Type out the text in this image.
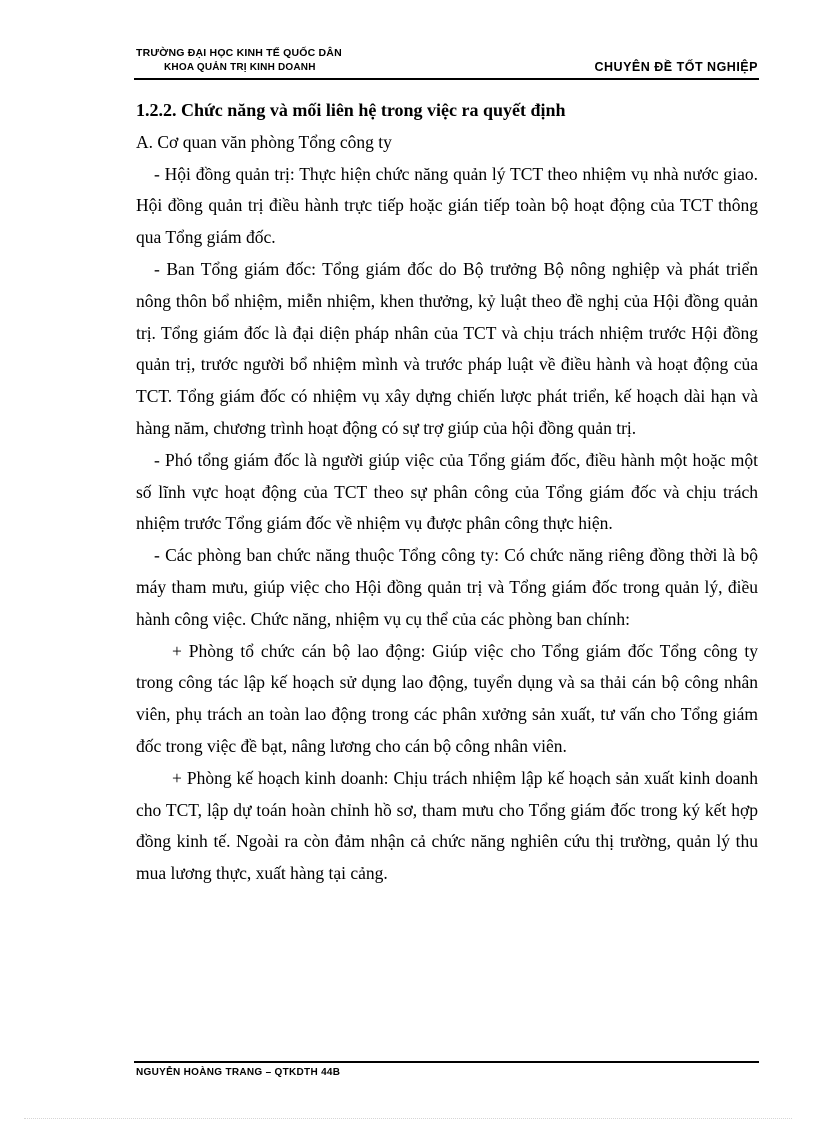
TRƯỜNG ĐẠI HỌC KINH TẾ QUỐC DÂN
KHOA QUẢN TRỊ KINH DOANH	CHUYÊN ĐỀ TỐT NGHIỆP

1.2.2. Chức năng và mối liên hệ trong việc ra quyết định

A. Cơ quan văn phòng Tổng công ty

- Hội đồng quản trị: Thực hiện chức năng quản lý TCT theo nhiệm vụ nhà nước giao. Hội đồng quản trị điều hành trực tiếp hoặc gián tiếp toàn bộ hoạt động của TCT thông qua Tổng giám đốc.

- Ban Tổng giám đốc: Tổng giám đốc do Bộ trưởng Bộ nông nghiệp và phát triển nông thôn bổ nhiệm, miễn nhiệm, khen thưởng, kỷ luật theo đề nghị của Hội đồng quản trị. Tổng giám đốc là đại diện pháp nhân của TCT và chịu trách nhiệm trước Hội đồng quản trị, trước người bổ nhiệm mình và trước pháp luật về điều hành và hoạt động của TCT. Tổng giám đốc có nhiệm vụ xây dựng chiến lược phát triển, kế hoạch dài hạn và hàng năm, chương trình hoạt động có sự trợ giúp của hội đồng quản trị.

- Phó tổng giám đốc là người giúp việc của Tổng giám đốc, điều hành một hoặc một số lĩnh vực hoạt động của TCT theo sự phân công của Tổng giám đốc và chịu trách nhiệm trước Tổng giám đốc về nhiệm vụ được phân công thực hiện.

- Các phòng ban chức năng thuộc Tổng công ty: Có chức năng riêng đồng thời là bộ máy tham mưu, giúp việc cho Hội đồng quản trị và Tổng giám đốc trong quản lý, điều hành công việc. Chức năng, nhiệm vụ cụ thể của các phòng ban chính:

+ Phòng tổ chức cán bộ lao động: Giúp việc cho Tổng giám đốc Tổng công ty trong công tác lập kế hoạch sử dụng lao động, tuyển dụng và sa thải cán bộ công nhân viên, phụ trách an toàn lao động trong các phân xưởng sản xuất, tư vấn cho Tổng giám đốc trong việc đề bạt, nâng lương cho cán bộ công nhân viên.

+ Phòng kế hoạch kinh doanh: Chịu trách nhiệm lập kế hoạch sản xuất kinh doanh cho TCT, lập dự toán hoàn chỉnh hồ sơ, tham mưu cho Tổng giám đốc trong ký kết hợp đồng kinh tế. Ngoài ra còn đảm nhận cả chức năng nghiên cứu thị trường, quản lý thu mua lương thực, xuất hàng tại cảng.

NGUYỄN HOÀNG TRANG – QTKDTH 44B
